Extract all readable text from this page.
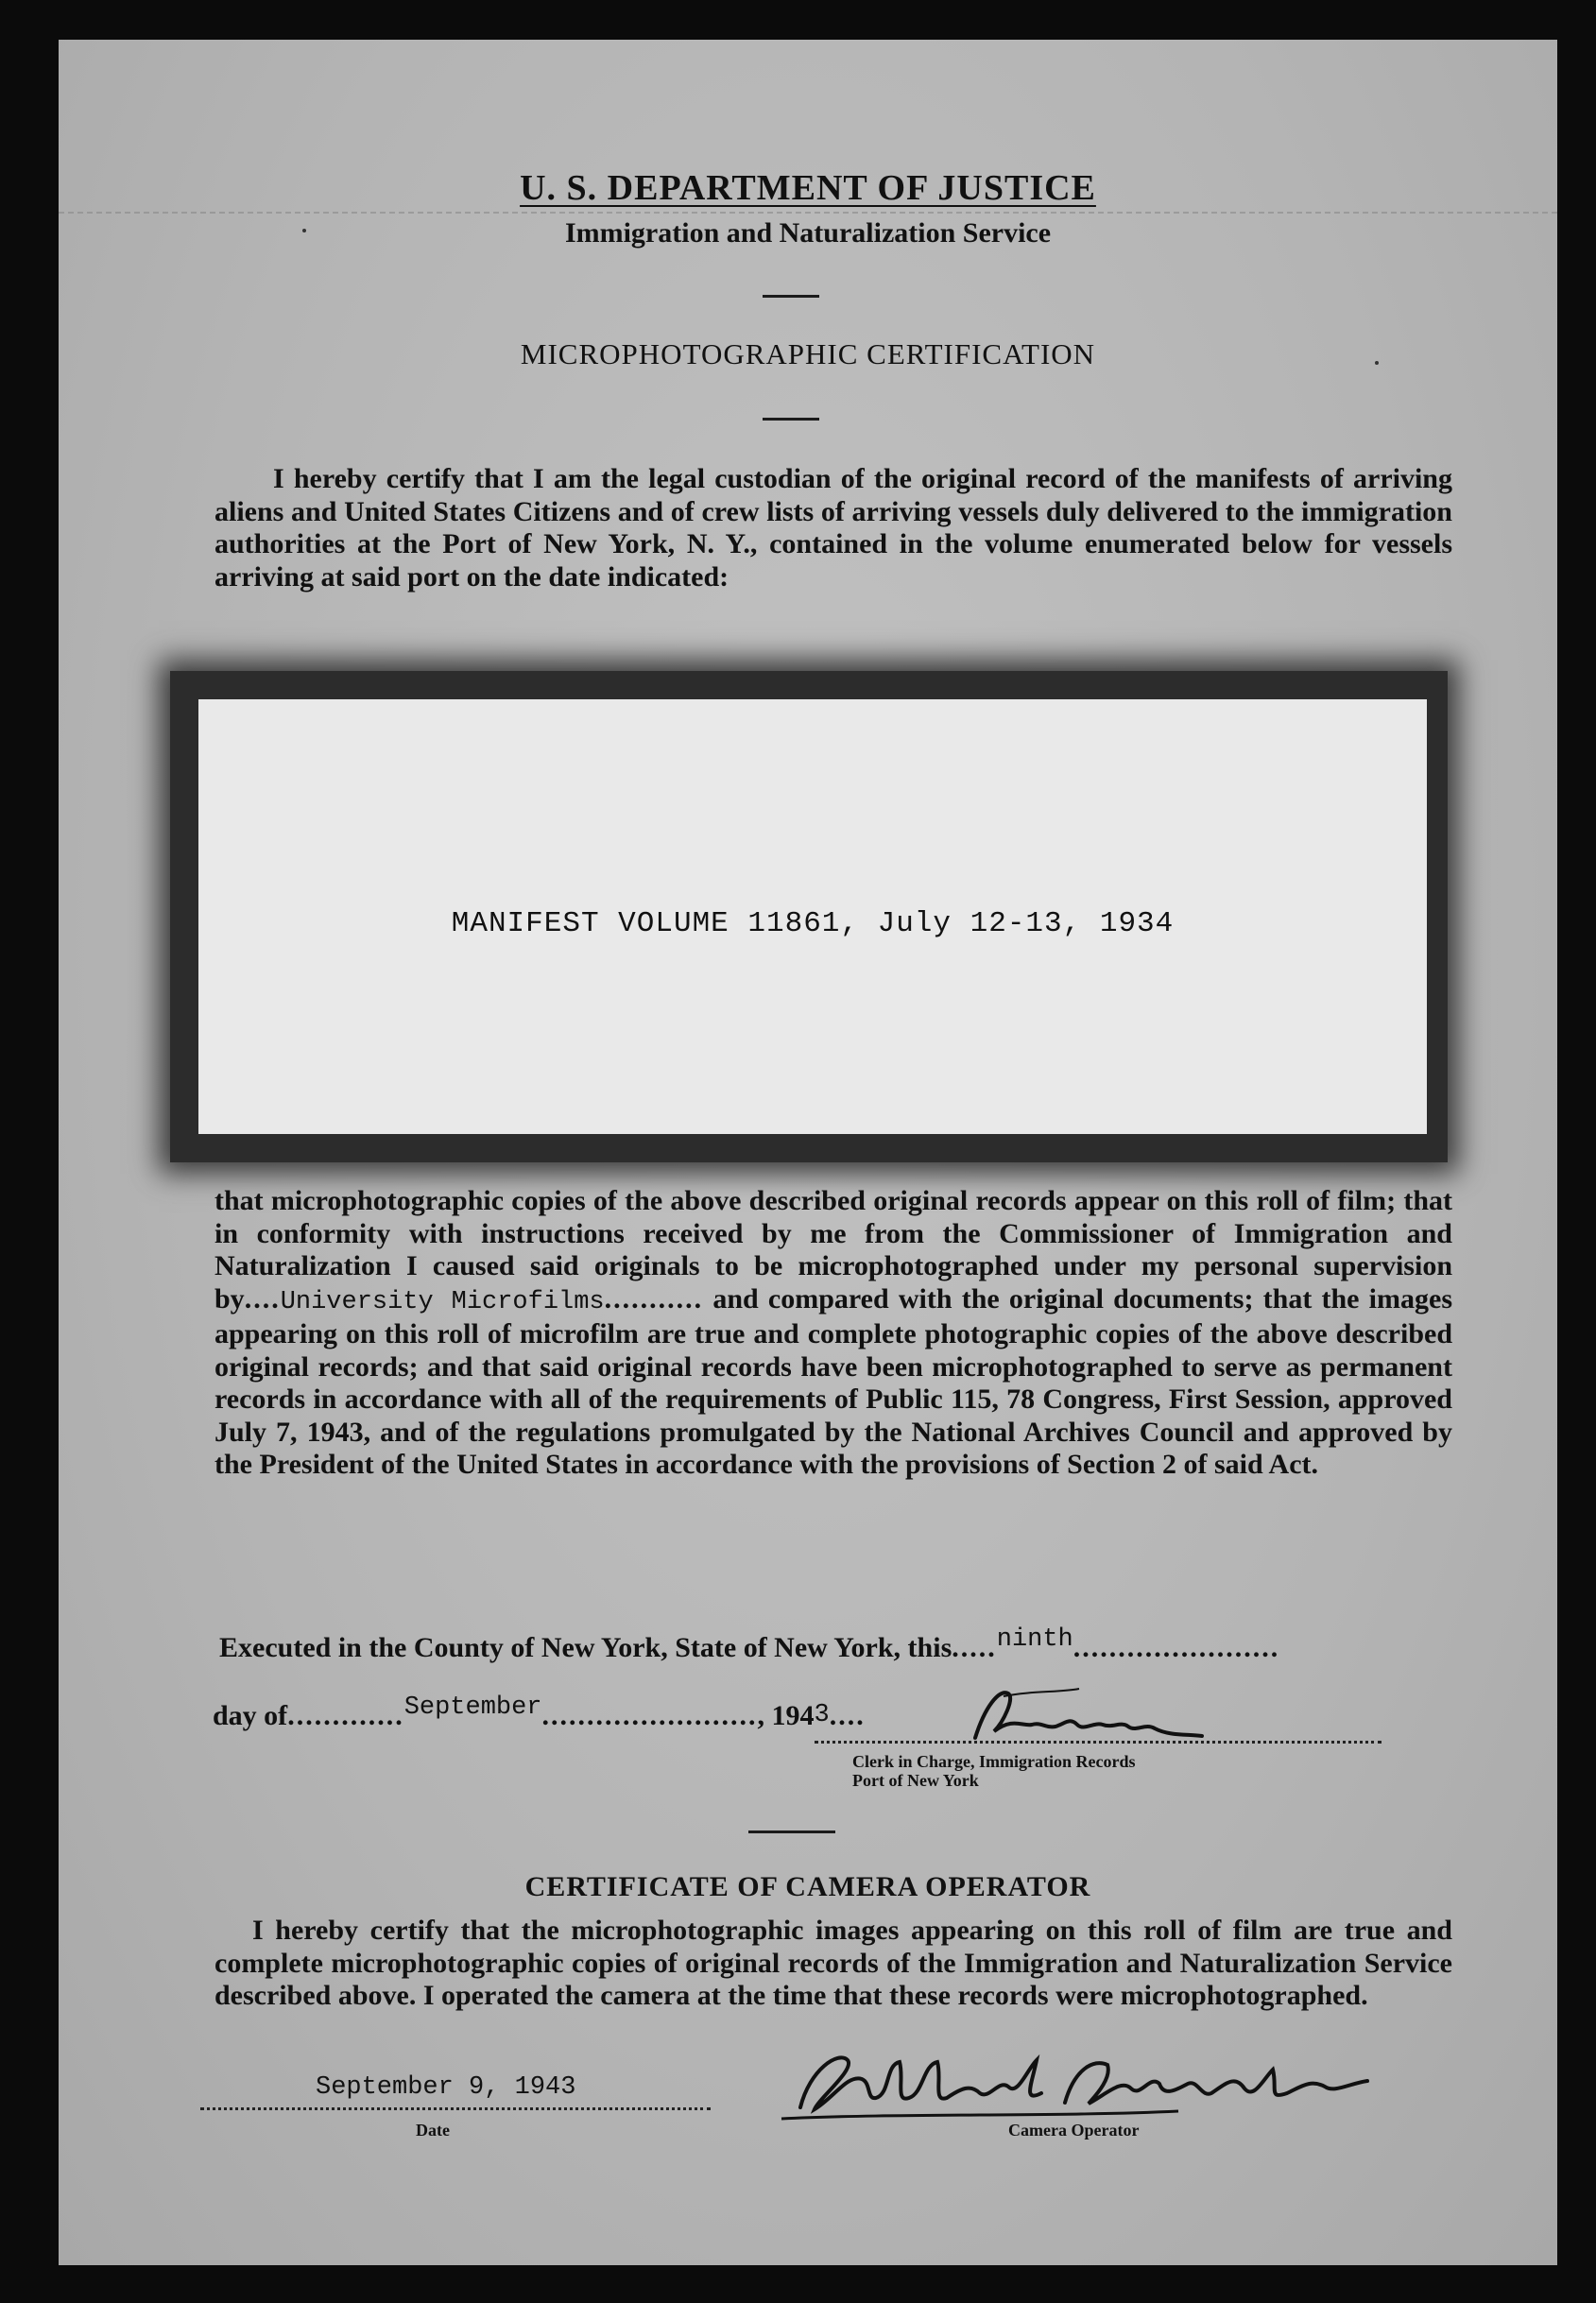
U. S. DEPARTMENT OF JUSTICE
Immigration and Naturalization Service
MICROPHOTOGRAPHIC CERTIFICATION
I hereby certify that I am the legal custodian of the original record of the manifests of arriving aliens and United States Citizens and of crew lists of arriving vessels duly delivered to the immigration authorities at the Port of New York, N. Y., contained in the volume enumerated below for vessels arriving at said port on the date indicated:
MANIFEST VOLUME 11861, July 12-13, 1934
that microphotographic copies of the above described original records appear on this roll of film; that in conformity with instructions received by me from the Commissioner of Immigration and Naturalization I caused said originals to be microphotographed under my personal supervision by....University Microfilms........... and compared with the original documents; that the images appearing on this roll of microfilm are true and complete photographic copies of the above described original records; and that said original records have been microphotographed to serve as permanent records in accordance with all of the requirements of Public 115, 78 Congress, First Session, approved July 7, 1943, and of the regulations promulgated by the National Archives Council and approved by the President of the United States in accordance with the provisions of Section 2 of said Act.
Executed in the County of New York, State of New York, this.....ninth.......................
day of.............September........................, 1943....
Clerk in Charge, Immigration Records
Port of New York
CERTIFICATE OF CAMERA OPERATOR
I hereby certify that the microphotographic images appearing on this roll of film are true and complete microphotographic copies of original records of the Immigration and Naturalization Service described above. I operated the camera at the time that these records were microphotographed.
September 9, 1943
Date	Camera Operator
